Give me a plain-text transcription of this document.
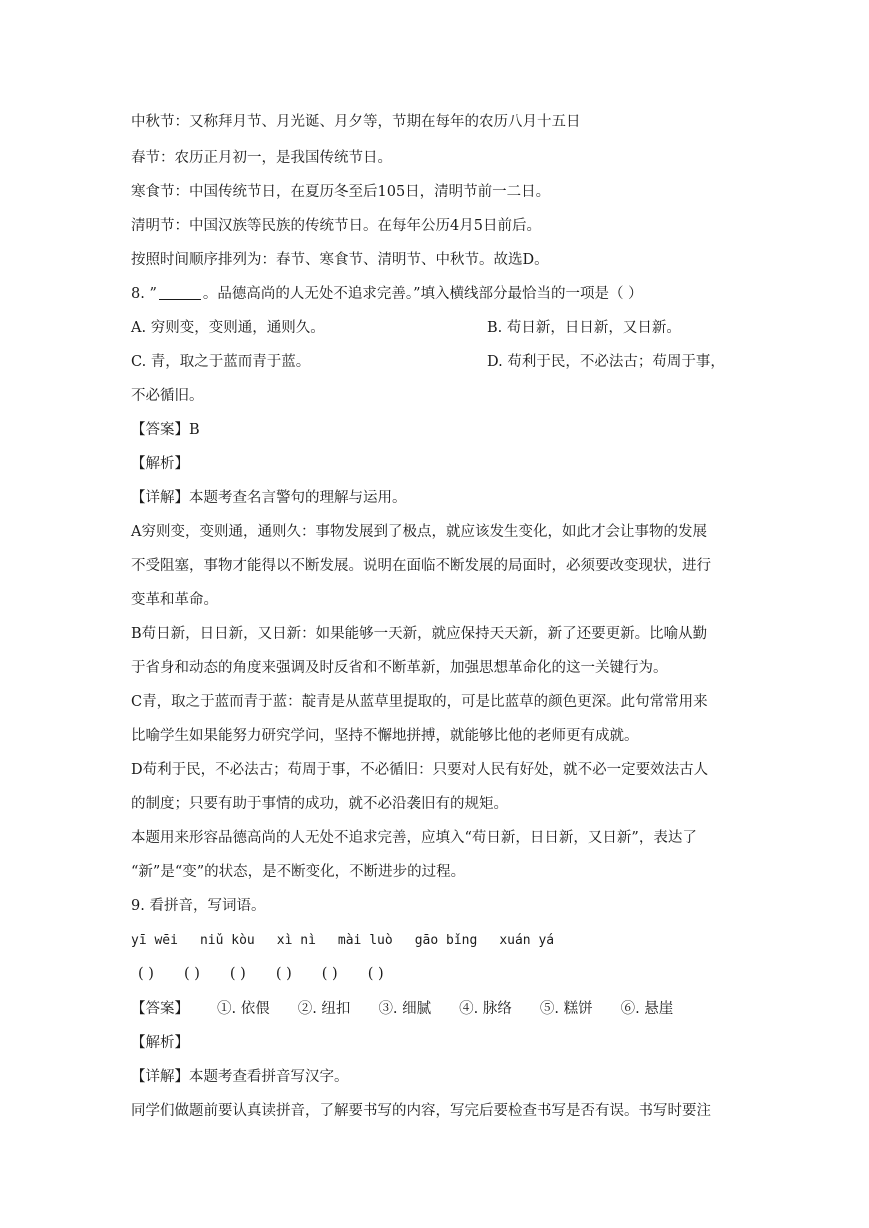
中秋节：又称拜月节、月光诞、月夕等，节期在每年的农历八月十五日
春节：农历正月初一，是我国传统节日。
寒食节：中国传统节日，在夏历冬至后105日，清明节前一二日。
清明节：中国汉族等民族的传统节日。在每年公历4月5日前后。
按照时间顺序排列为：春节、寒食节、清明节、中秋节。故选D。
8. ”	。品德高尚的人无处不追求完善。”填入横线部分最恰当的一项是（ ）
A. 穷则变，变则通，通则久。	B. 苟日新，日日新，又日新。
C. 青，取之于蓝而青于蓝。	D. 苟利于民，不必法古；苟周于事，
不必循旧。
【答案】B
【解析】
【详解】本题考查名言警句的理解与运用。
A穷则变，变则通，通则久：事物发展到了极点，就应该发生变化，如此才会让事物的发展
不受阻塞，事物才能得以不断发展。说明在面临不断发展的局面时，必须要改变现状，进行
变革和革命。
B苟日新，日日新，又日新：如果能够一天新，就应保持天天新，新了还要更新。比喻从勤
于省身和动态的角度来强调及时反省和不断革新，加强思想革命化的这一关键行为。
C青，取之于蓝而青于蓝：靛青是从蓝草里提取的，可是比蓝草的颜色更深。此句常常用来
比喻学生如果能努力研究学问，坚持不懈地拼搏，就能够比他的老师更有成就。
D苟利于民，不必法古；苟周于事，不必循旧：只要对人民有好处，就不必一定要效法古人
的制度；只要有助于事情的成功，就不必沿袭旧有的规矩。
本题用来形容品德高尚的人无处不追求完善，应填入“苟日新，日日新，又日新”，表达了
“新”是“变”的状态，是不断变化，不断进步的过程。
9. 看拼音，写词语。
yī wēi niǔ kòu xì nì mài luò gāo bǐng xuán yá
( ) ( ) ( ) ( ) ( ) ( )
【答案】 ①. 依偎 ②. 纽扣 ③. 细腻 ④. 脉络 ⑤. 糕饼 ⑥. 悬崖
【解析】
【详解】本题考查看拼音写汉字。
同学们做题前要认真读拼音，了解要书写的内容，写完后要检查书写是否有误。书写时要注
